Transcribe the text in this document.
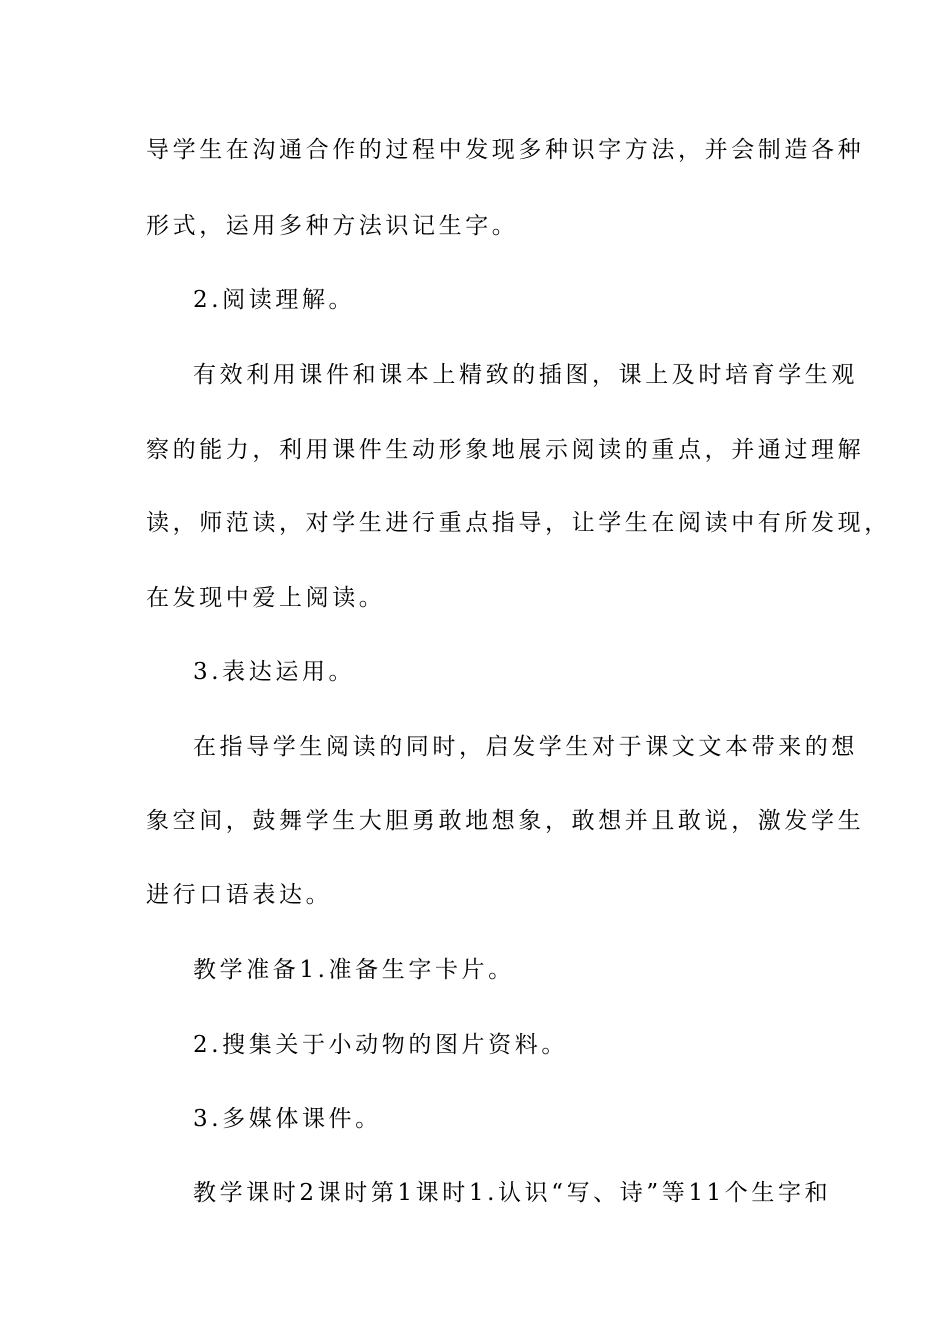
导学生在沟通合作的过程中发现多种识字方法，并会制造各种
形式，运用多种方法识记生字。
2.阅读理解。
有效利用课件和课本上精致的插图，课上及时培育学生观
察的能力，利用课件生动形象地展示阅读的重点，并通过理解
读，师范读，对学生进行重点指导，让学生在阅读中有所发现，
在发现中爱上阅读。
3.表达运用。
在指导学生阅读的同时，启发学生对于课文文本带来的想
象空间，鼓舞学生大胆勇敢地想象，敢想并且敢说，激发学生
进行口语表达。
教学准备1.准备生字卡片。
2.搜集关于小动物的图片资料。
3.多媒体课件。
教学课时2课时第1课时1.认识“写、诗”等11个生字和
